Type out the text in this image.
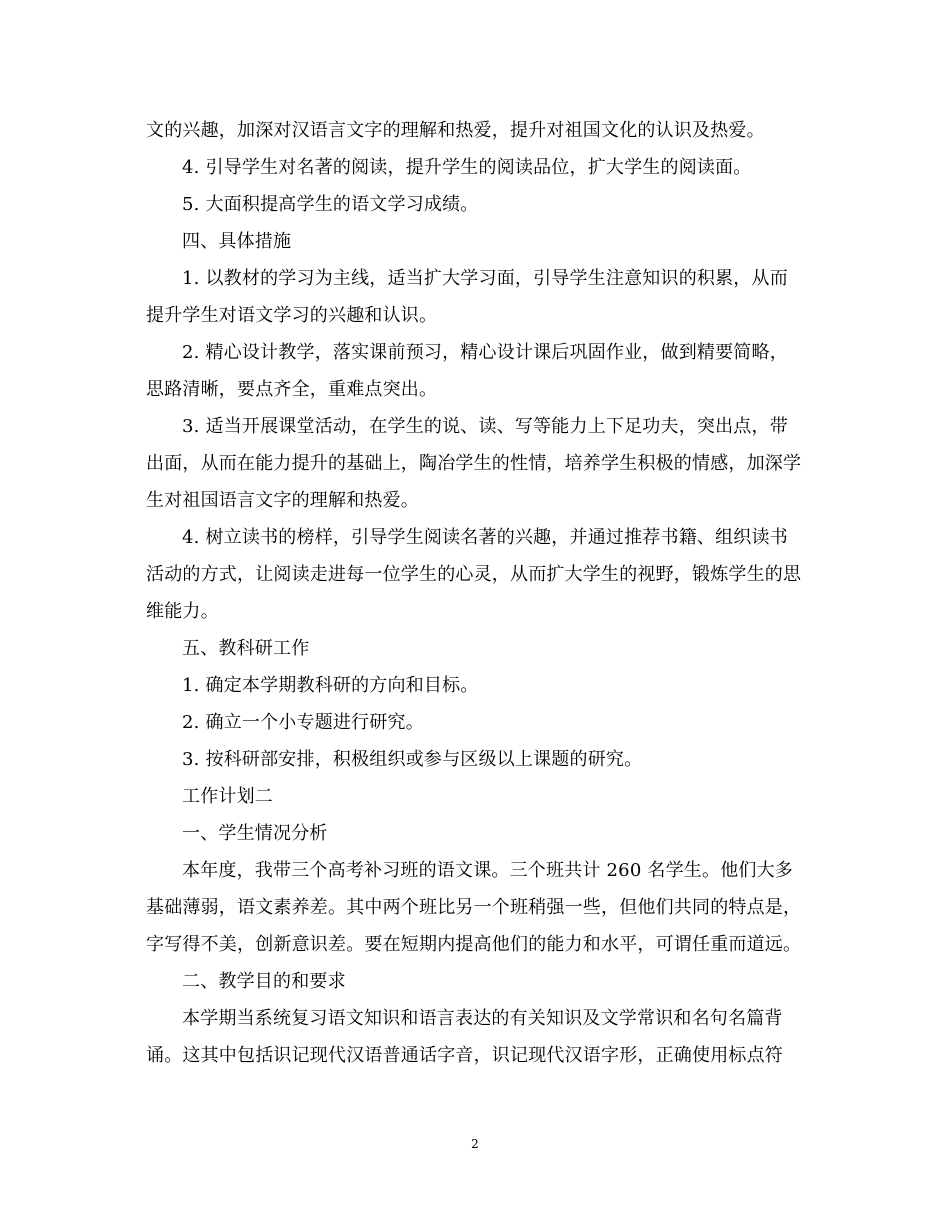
文的兴趣，加深对汉语言文字的理解和热爱，提升对祖国文化的认识及热爱。

4. 引导学生对名著的阅读，提升学生的阅读品位，扩大学生的阅读面。

5. 大面积提高学生的语文学习成绩。

四、具体措施

1. 以教材的学习为主线，适当扩大学习面，引导学生注意知识的积累，从而提升学生对语文学习的兴趣和认识。

2. 精心设计教学，落实课前预习，精心设计课后巩固作业，做到精要简略，思路清晰，要点齐全，重难点突出。

3. 适当开展课堂活动，在学生的说、读、写等能力上下足功夫，突出点，带出面，从而在能力提升的基础上，陶冶学生的性情，培养学生积极的情感，加深学生对祖国语言文字的理解和热爱。

4. 树立读书的榜样，引导学生阅读名著的兴趣，并通过推荐书籍、组织读书活动的方式，让阅读走进每一位学生的心灵，从而扩大学生的视野，锻炼学生的思维能力。

五、教科研工作

1. 确定本学期教科研的方向和目标。

2. 确立一个小专题进行研究。

3. 按科研部安排，积极组织或参与区级以上课题的研究。

工作计划二

一、学生情况分析

本年度，我带三个高考补习班的语文课。三个班共计 260 名学生。他们大多基础薄弱，语文素养差。其中两个班比另一个班稍强一些，但他们共同的特点是，字写得不美，创新意识差。要在短期内提高他们的能力和水平，可谓任重而道远。

二、教学目的和要求

本学期当系统复习语文知识和语言表达的有关知识及文学常识和名句名篇背诵。这其中包括识记现代汉语普通话字音，识记现代汉语字形，正确使用标点符

2
